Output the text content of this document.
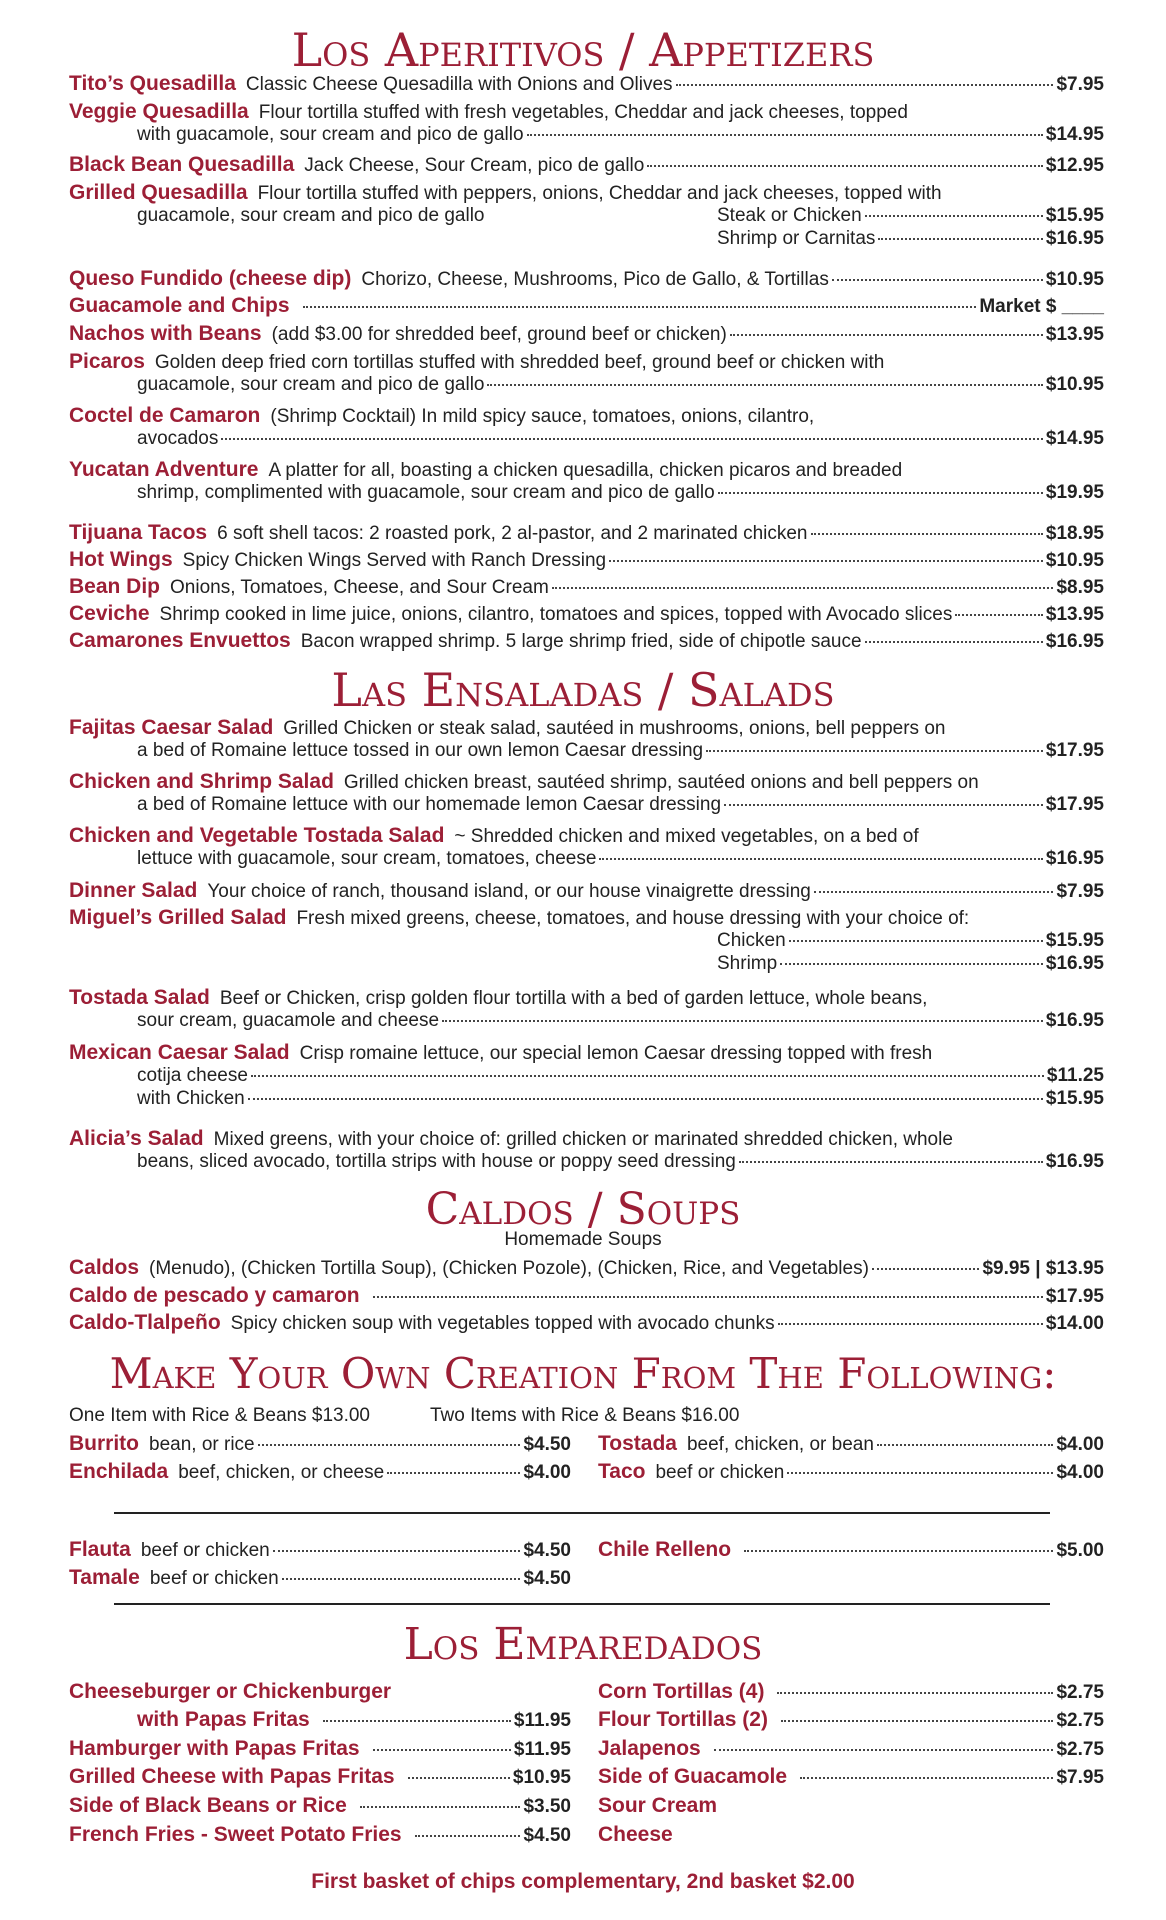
Los Aperitivos / Appetizers
Tito’s Quesadilla Classic Cheese Quesadilla with Onions and Olives	$7.95
Veggie Quesadilla Flour tortilla stuffed with fresh vegetables, Cheddar and jack cheeses, topped
with guacamole, sour cream and pico de gallo	$14.95
Black Bean Quesadilla Jack Cheese, Sour Cream, pico de gallo	$12.95
Grilled Quesadilla Flour tortilla stuffed with peppers, onions, Cheddar and jack cheeses, topped with
guacamole, sour cream and pico de gallo	Steak or Chicken	$15.95
Shrimp or Carnitas	$16.95
Queso Fundido (cheese dip) Chorizo, Cheese, Mushrooms, Pico de Gallo, & Tortillas	$10.95
Guacamole and Chips	Market $ ____
Nachos with Beans (add $3.00 for shredded beef, ground beef or chicken)	$13.95
Picaros Golden deep fried corn tortillas stuffed with shredded beef, ground beef or chicken with
guacamole, sour cream and pico de gallo	$10.95
Coctel de Camaron (Shrimp Cocktail) In mild spicy sauce, tomatoes, onions, cilantro,
avocados	$14.95
Yucatan Adventure A platter for all, boasting a chicken quesadilla, chicken picaros and breaded
shrimp, complimented with guacamole, sour cream and pico de gallo	$19.95
Tijuana Tacos 6 soft shell tacos: 2 roasted pork, 2 al-pastor, and 2 marinated chicken	$18.95
Hot Wings Spicy Chicken Wings Served with Ranch Dressing	$10.95
Bean Dip Onions, Tomatoes, Cheese, and Sour Cream	$8.95
Ceviche Shrimp cooked in lime juice, onions, cilantro, tomatoes and spices, topped with Avocado slices	$13.95
Camarones Envuettos Bacon wrapped shrimp. 5 large shrimp fried, side of chipotle sauce	$16.95
Las Ensaladas / Salads
Fajitas Caesar Salad Grilled Chicken or steak salad, sautéed in mushrooms, onions, bell peppers on
a bed of Romaine lettuce tossed in our own lemon Caesar dressing	$17.95
Chicken and Shrimp Salad Grilled chicken breast, sautéed shrimp, sautéed onions and bell peppers on
a bed of Romaine lettuce with our homemade lemon Caesar dressing	$17.95
Chicken and Vegetable Tostada Salad ~ Shredded chicken and mixed vegetables, on a bed of
lettuce with guacamole, sour cream, tomatoes, cheese	$16.95
Dinner Salad Your choice of ranch, thousand island, or our house vinaigrette dressing	$7.95
Miguel’s Grilled Salad Fresh mixed greens, cheese, tomatoes, and house dressing with your choice of:
Chicken	$15.95
Shrimp	$16.95
Tostada Salad Beef or Chicken, crisp golden flour tortilla with a bed of garden lettuce, whole beans,
sour cream, guacamole and cheese	$16.95
Mexican Caesar Salad Crisp romaine lettuce, our special lemon Caesar dressing topped with fresh
cotija cheese	$11.25
with Chicken	$15.95
Alicia’s Salad Mixed greens, with your choice of: grilled chicken or marinated shredded chicken, whole
beans, sliced avocado, tortilla strips with house or poppy seed dressing	$16.95
Caldos / Soups
Homemade Soups
Caldos (Menudo), (Chicken Tortilla Soup), (Chicken Pozole), (Chicken, Rice, and Vegetables)	$9.95 | $13.95
Caldo de pescado y camaron	$17.95
Caldo-Tlalpeño Spicy chicken soup with vegetables topped with avocado chunks	$14.00
Make Your Own Creation From The Following:
One Item with Rice & Beans $13.00	Two Items with Rice & Beans $16.00
Burrito bean, or rice	$4.50
Enchilada beef, chicken, or cheese	$4.00
Tostada beef, chicken, or bean	$4.00
Taco beef or chicken	$4.00
Flauta beef or chicken	$4.50
Tamale beef or chicken	$4.50
Chile Relleno	$5.00
Los Emparedados
Cheeseburger or Chickenburger
with Papas Fritas	$11.95
Hamburger with Papas Fritas	$11.95
Grilled Cheese with Papas Fritas	$10.95
Side of Black Beans or Rice	$3.50
French Fries - Sweet Potato Fries	$4.50
Corn Tortillas (4)	$2.75
Flour Tortillas (2)	$2.75
Jalapenos	$2.75
Side of Guacamole	$7.95
Sour Cream
Cheese
First basket of chips complementary, 2nd basket $2.00
